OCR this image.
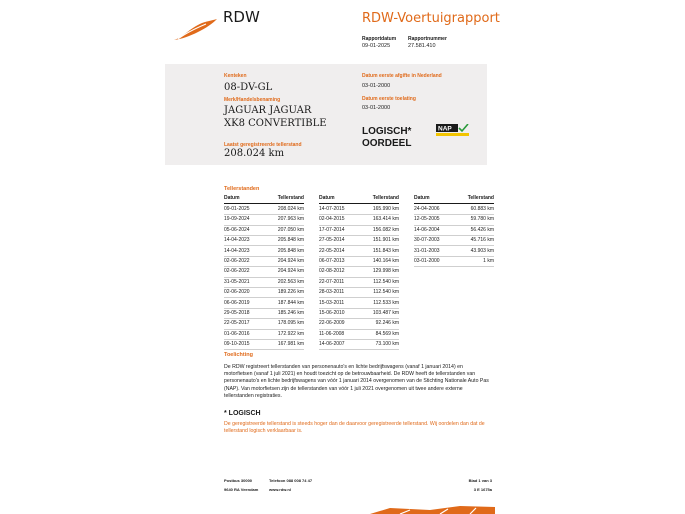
RDW	RDW-Voertuigrapport
Rapportdatum
09-01-2025
Rapportnummer
27.581.410
Kenteken
08-DV-GL
Merk/Handelsbenaming
JAGUAR JAGUAR
XK8 CONVERTIBLE
Laatst geregistreerde tellerstand
208.024 km
Datum eerste afgifte in Nederland
03-01-2000
Datum eerste toelating
03-01-2000
LOGISCH*
OORDEEL
NAP
Tellerstanden
Datum	Tellerstand
09-01-2025	208.024 km
19-09-2024	207.963 km
05-06-2024	207.050 km
14-04-2023	205.848 km
14-04-2023	205.848 km
02-06-2022	204.924 km
02-06-2022	204.924 km
31-05-2021	202.563 km
02-06-2020	189.226 km
06-06-2019	187.844 km
29-05-2018	185.246 km
22-05-2017	178.095 km
01-06-2016	172.922 km
09-10-2015	167.981 km
Datum	Tellerstand
14-07-2015	165.990 km
02-04-2015	163.414 km
17-07-2014	156.082 km
27-05-2014	151.901 km
22-05-2014	151.843 km
06-07-2013	140.164 km
02-08-2012	129.998 km
22-07-2011	112.540 km
28-03-2011	112.540 km
15-03-2011	112.533 km
15-06-2010	103.487 km
22-06-2009	92.246 km
11-06-2008	84.569 km
14-06-2007	73.100 km
Datum	Tellerstand
24-04-2006	60.883 km
12-05-2005	59.780 km
14-06-2004	56.426 km
30-07-2003	45.716 km
31-01-2003	43.903 km
03-01-2000	1 km
Toelichting
De RDW registreert tellerstanden van personenauto's en lichte bedrijfswagens (vanaf 1 januari 2014) en motorfietsen (vanaf 1 juli 2021) en houdt toezicht op de betrouwbaarheid. De RDW heeft de tellerstanden van personenauto's en lichte bedrijfswagens van vóór 1 januari 2014 overgenomen van de Stichting Nationale Auto Pas (NAP). Van motorfietsen zijn de tellerstanden van vóór 1 juli 2021 overgenomen uit twee andere externe tellerstanden registraties.
* LOGISCH
De geregistreerde tellerstand is steeds hoger dan de daarvoor geregistreerde tellerstand. Wij oordelen dan dat de tellerstand logisch verklaarbaar is.
Postbus 30000
9640 RA Veendam
Telefoon 088 008 74 47
www.rdw.nl
Blad 1 van 3
3 E 1675a
